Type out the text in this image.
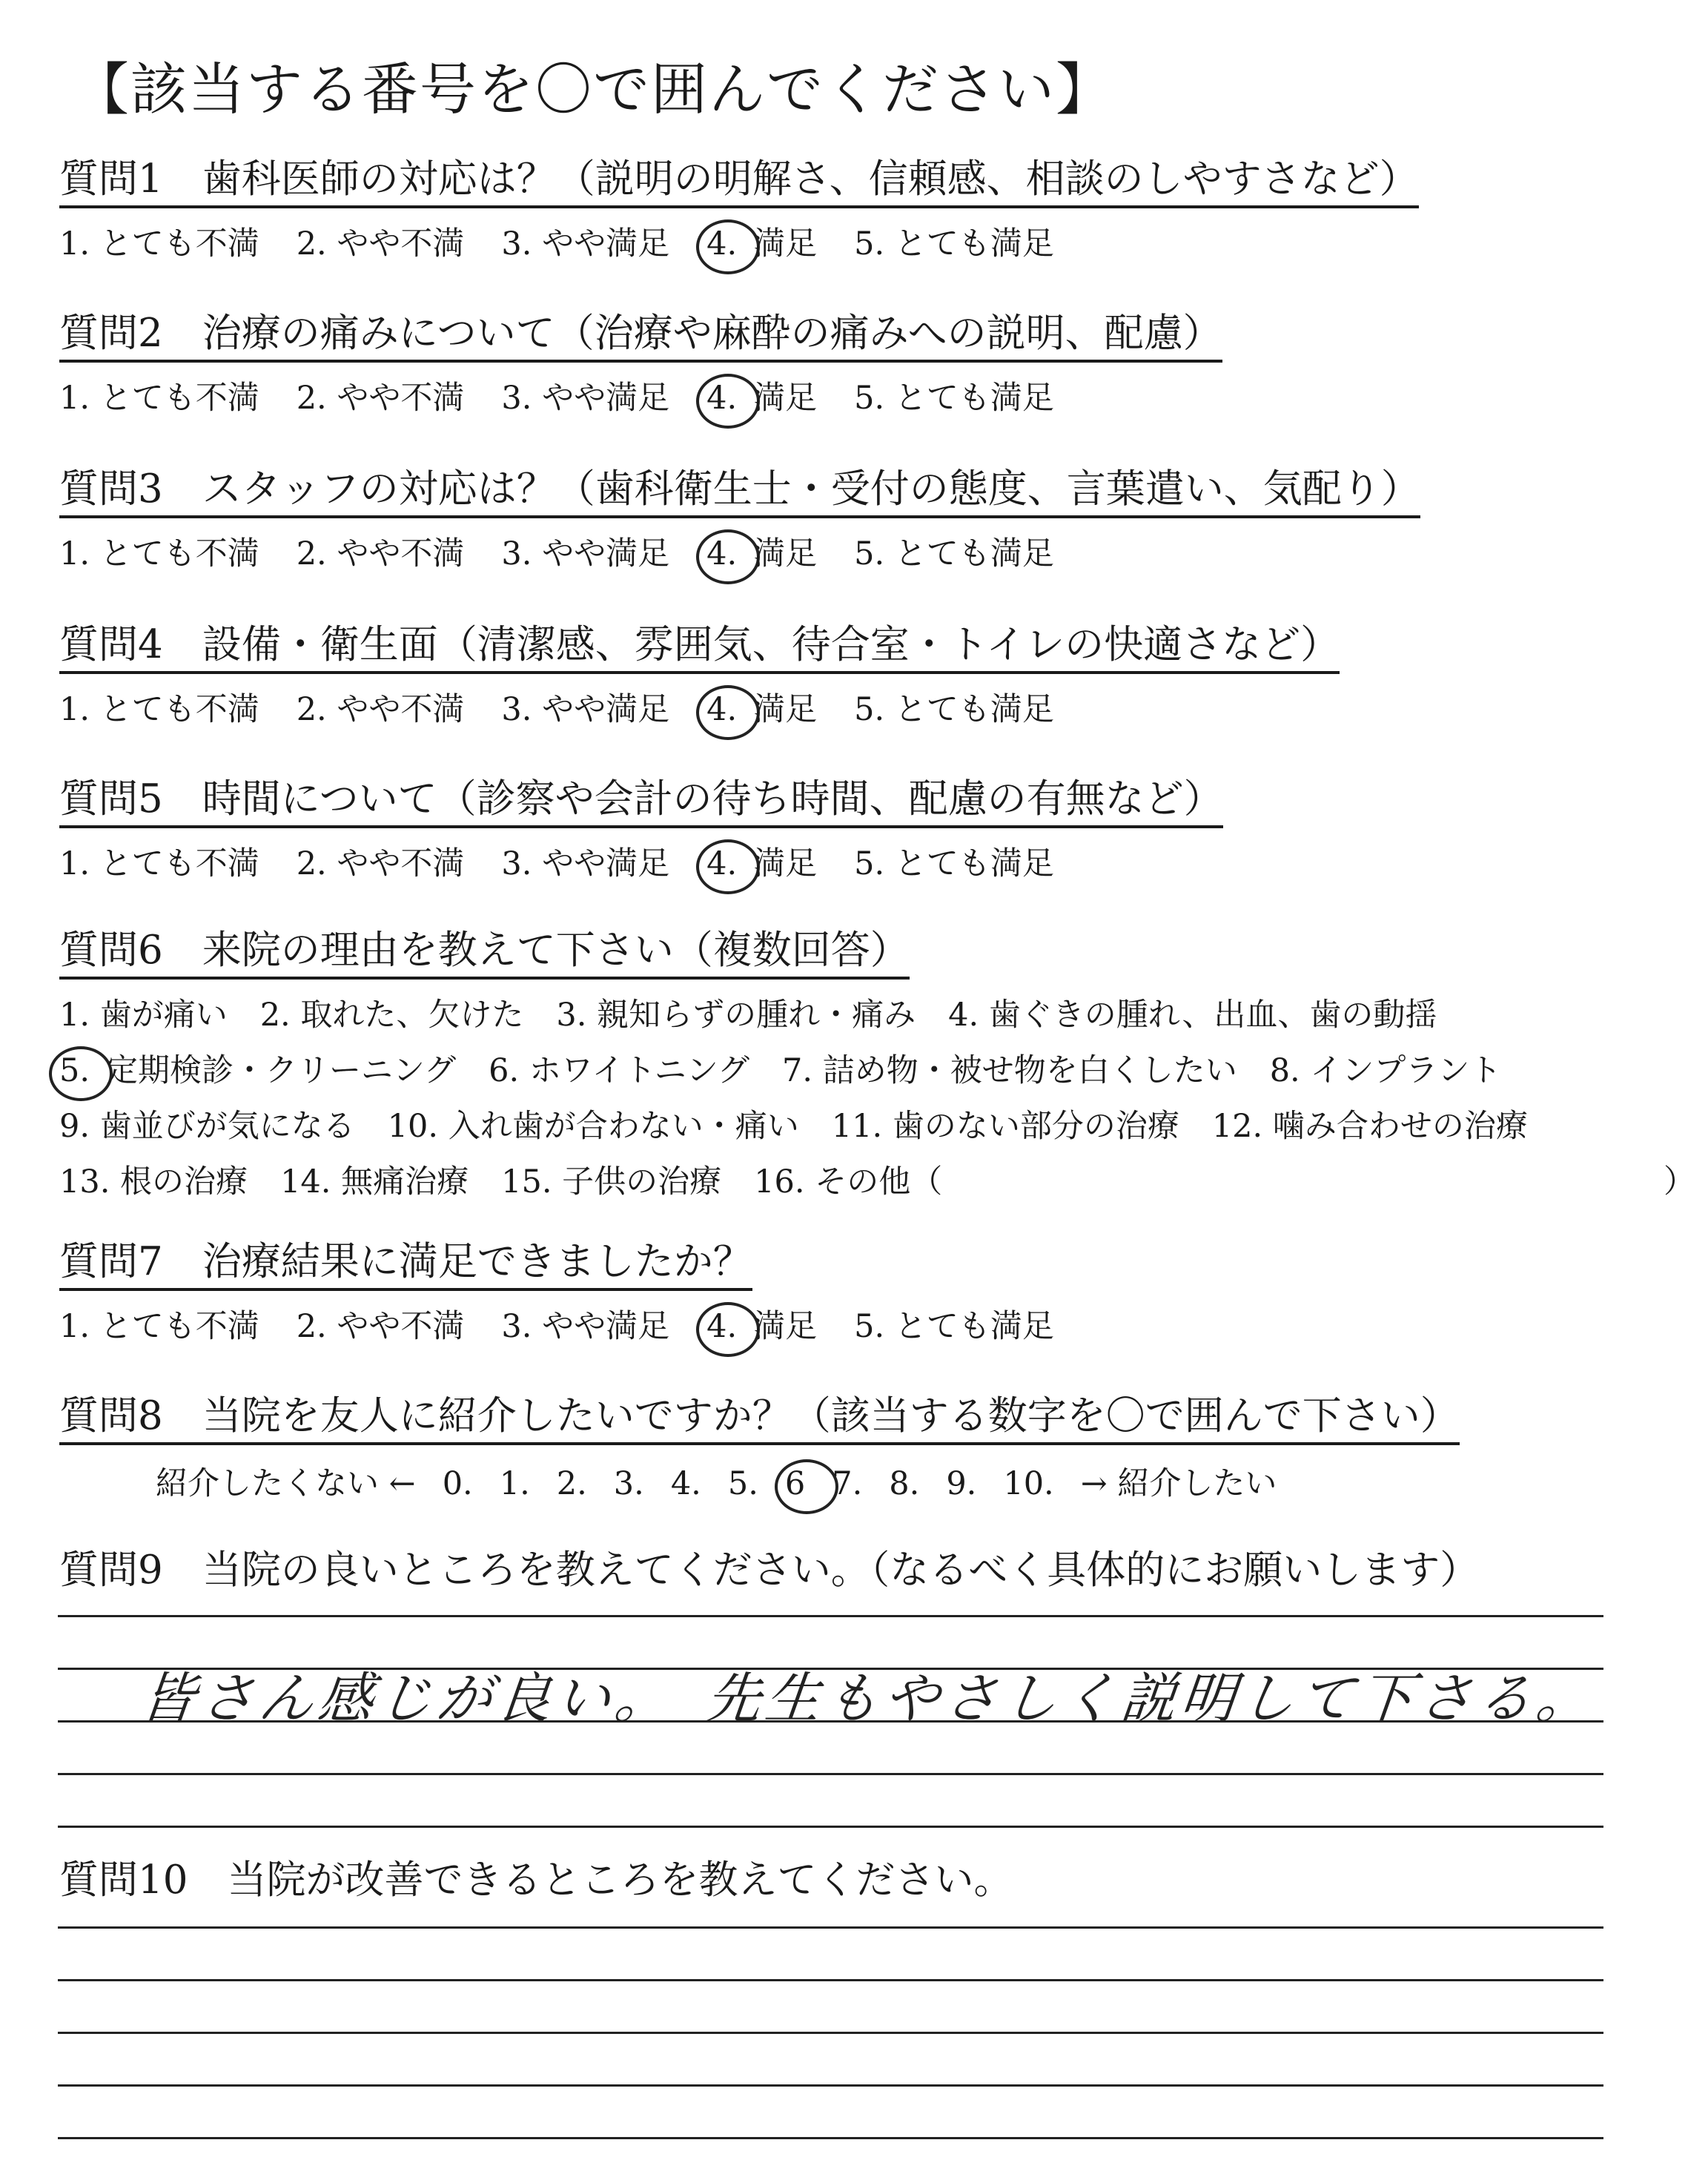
【該当する番号を〇で囲んでください】
質問1　歯科医師の対応は？（説明の明解さ、信頼感、相談のしやすさなど）
1. とても不満 2. やや不満 3. やや満足 4. 満足 5. とても満足
質問2　治療の痛みについて（治療や麻酔の痛みへの説明、配慮）
1. とても不満 2. やや不満 3. やや満足 4. 満足 5. とても満足
質問3　スタッフの対応は？（歯科衛生士・受付の態度、言葉遣い、気配り）
1. とても不満 2. やや不満 3. やや満足 4. 満足 5. とても満足
質問4　設備・衛生面（清潔感、雰囲気、待合室・トイレの快適さなど）
1. とても不満 2. やや不満 3. やや満足 4. 満足 5. とても満足
質問5　時間について（診察や会計の待ち時間、配慮の有無など）
1. とても不満 2. やや不満 3. やや満足 4. 満足 5. とても満足
質問6　来院の理由を教えて下さい（複数回答）
1. 歯が痛い 2. 取れた、欠けた 3. 親知らずの腫れ・痛み 4. 歯ぐきの腫れ、出血、歯の動揺
5. 定期検診・クリーニング 6. ホワイトニング 7. 詰め物・被せ物を白くしたい 8. インプラント
9. 歯並びが気になる 10. 入れ歯が合わない・痛い 11. 歯のない部分の治療 12. 噛み合わせの治療
13. 根の治療 14. 無痛治療 15. 子供の治療 16. その他（	）
質問7　治療結果に満足できましたか？
1. とても不満 2. やや不満 3. やや満足 4. 満足 5. とても満足
質問8　当院を友人に紹介したいですか？（該当する数字を〇で囲んで下さい）
紹介したくない ← 0. 1. 2. 3. 4. 5. 6 7. 8. 9. 10. → 紹介したい
質問9　当院の良いところを教えてください。（なるべく具体的にお願いします）
皆さん感じが良い。　先生もやさしく説明して下さる。
質問10　当院が改善できるところを教えてください。
